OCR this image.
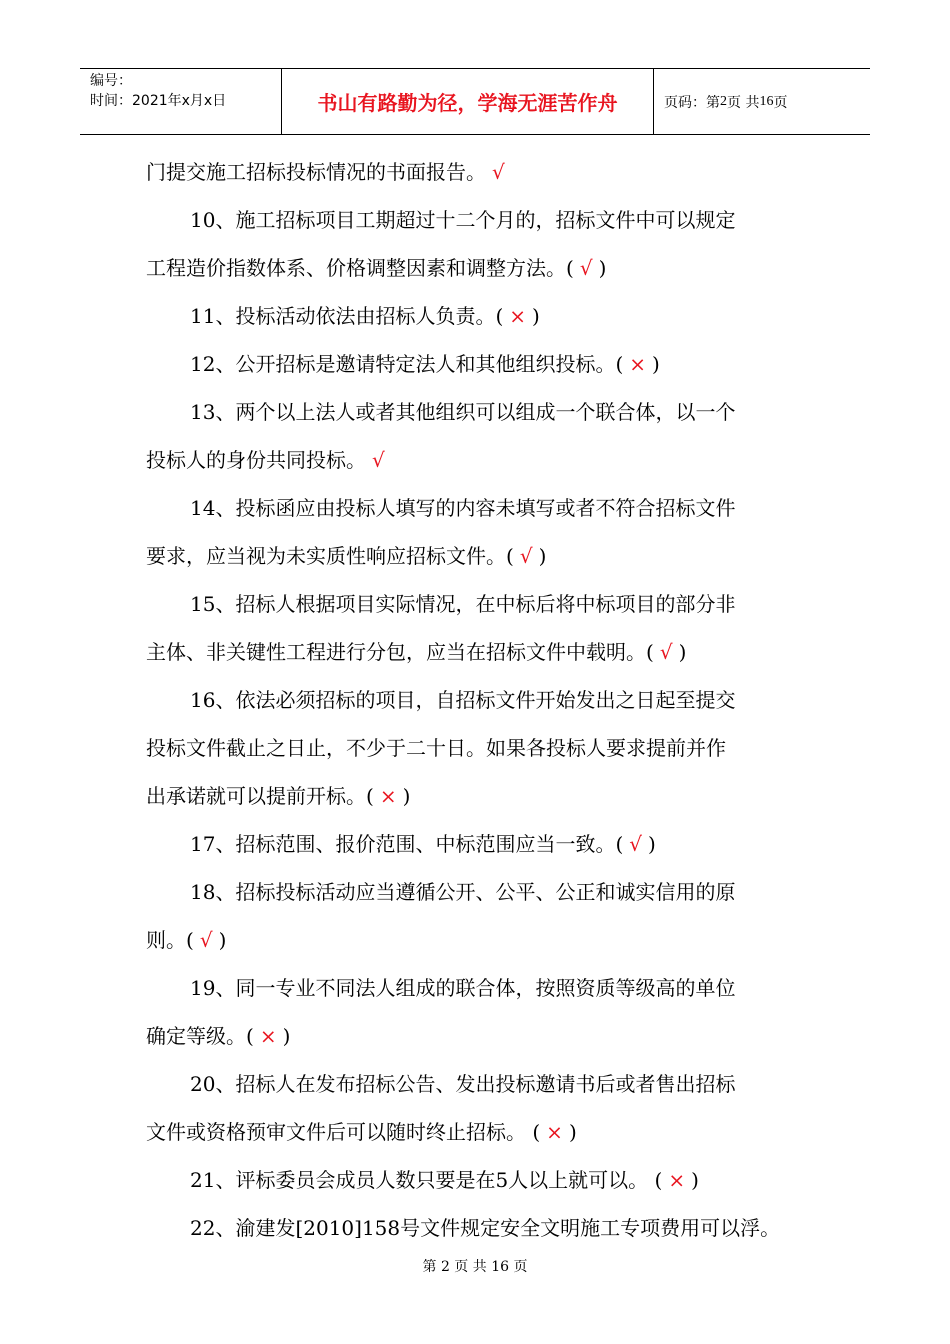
编号：
时间：2021年x月x日	书山有路勤为径，学海无涯苦作舟	页码：第 2 页 共 16 页

门提交施工招标投标情况的书面报告。 √

10、施工招标项目工期超过十二个月的，招标文件中可以规定

工程造价指数体系、价格调整因素和调整方法。( √ )

11、投标活动依法由招标人负责。( × )

12、公开招标是邀请特定法人和其他组织投标。( × )

13、两个以上法人或者其他组织可以组成一个联合体，以一个

投标人的身份共同投标。 √

14、投标函应由投标人填写的内容未填写或者不符合招标文件

要求，应当视为未实质性响应招标文件。( √ )

15、招标人根据项目实际情况，在中标后将中标项目的部分非

主体、非关键性工程进行分包，应当在招标文件中载明。( √ )

16、依法必须招标的项目，自招标文件开始发出之日起至提交

投标文件截止之日止，不少于二十日。如果各投标人要求提前并作

出承诺就可以提前开标。( × )

17、招标范围、报价范围、中标范围应当一致。( √ )

18、招标投标活动应当遵循公开、公平、公正和诚实信用的原

则。( √ )

19、同一专业不同法人组成的联合体，按照资质等级高的单位

确定等级。( × )

20、招标人在发布招标公告、发出投标邀请书后或者售出招标

文件或资格预审文件后可以随时终止招标。 ( × )

21、评标委员会成员人数只要是在5人以上就可以。 ( × )

22、渝建发[2010]158号文件规定安全文明施工专项费用可以浮。

第 2 页 共 16 页
